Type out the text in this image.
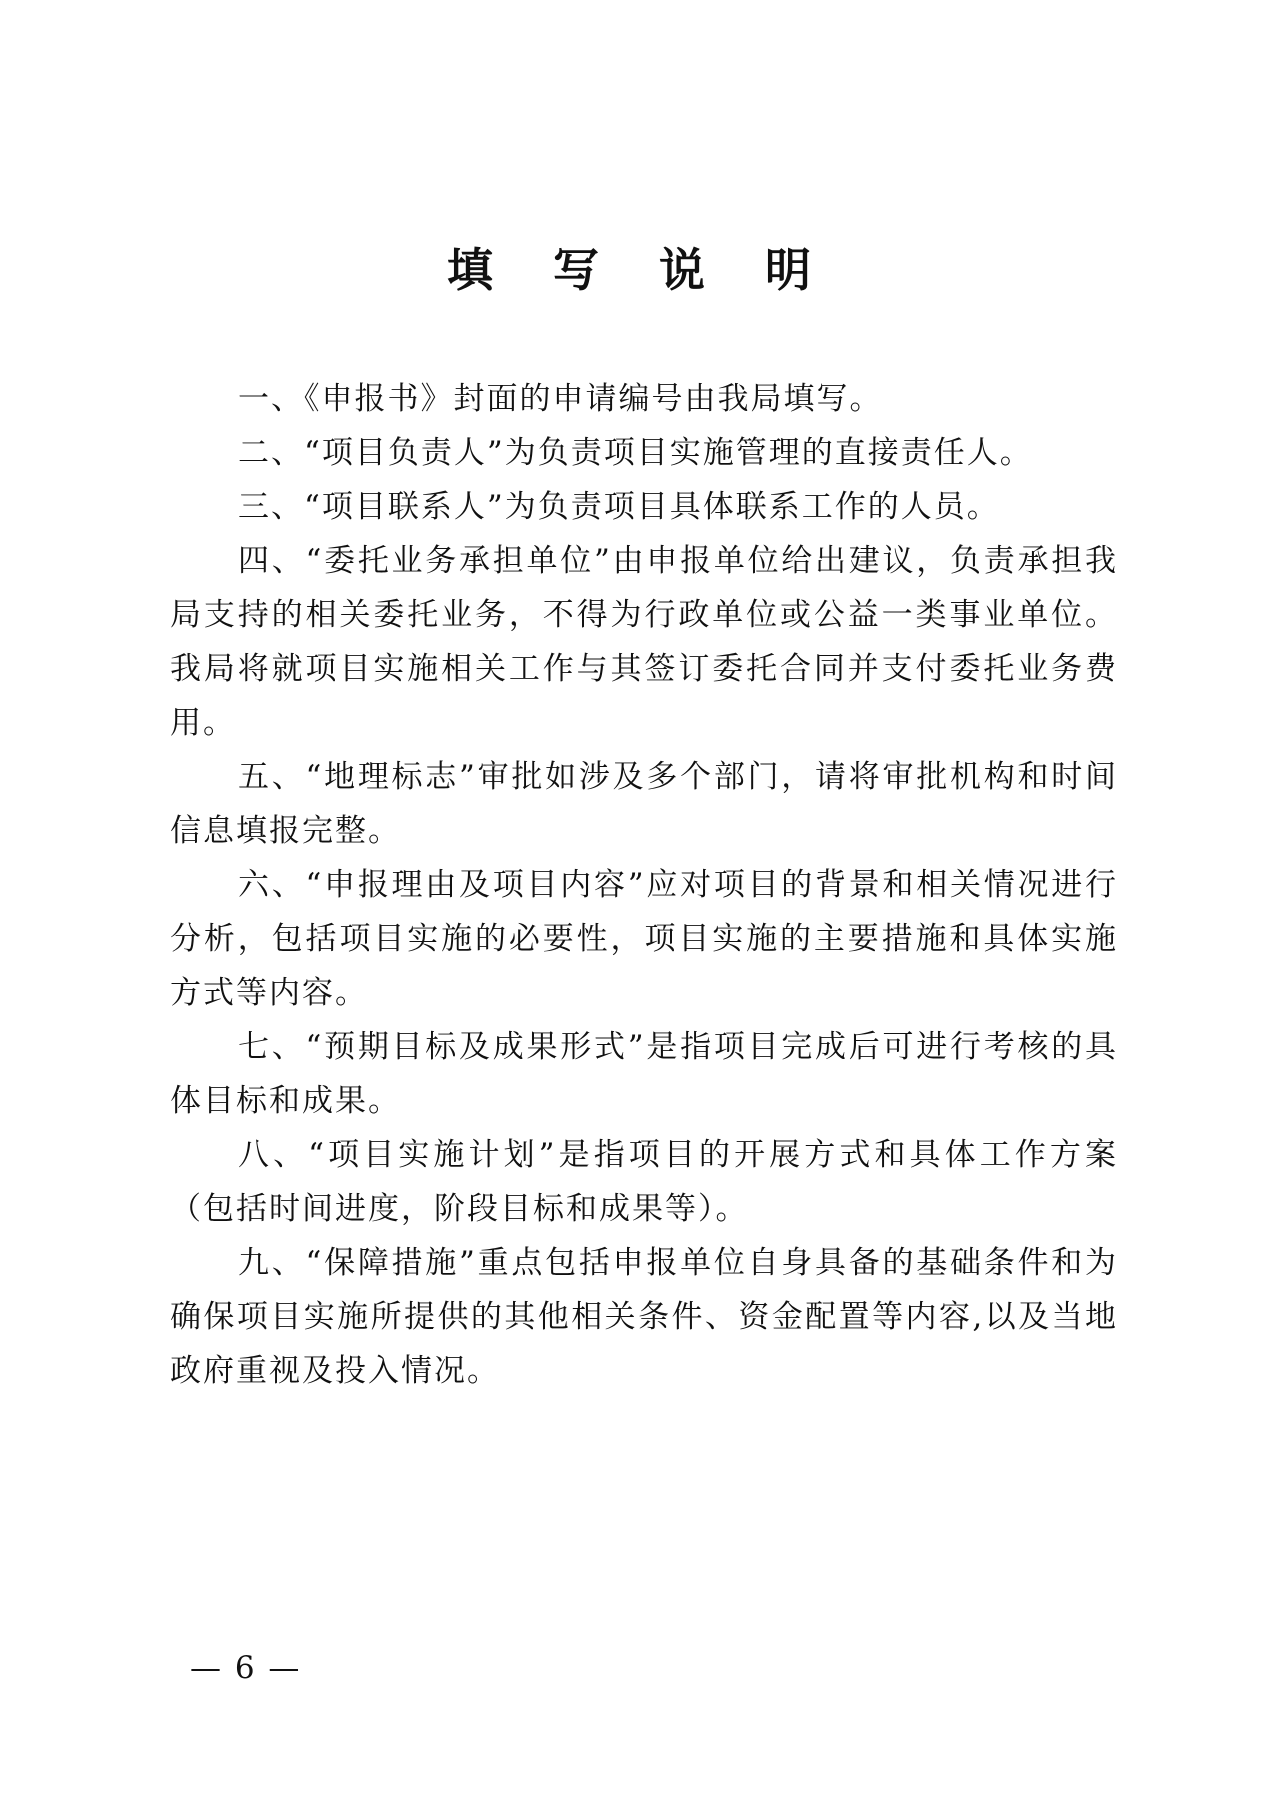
填 写 说 明

一、《申报书》封面的申请编号由我局填写。

二、“项目负责人”为负责项目实施管理的直接责任人。

三、“项目联系人”为负责项目具体联系工作的人员。

四、“委托业务承担单位”由申报单位给出建议，负责承担我局支持的相关委托业务，不得为行政单位或公益一类事业单位。我局将就项目实施相关工作与其签订委托合同并支付委托业务费用。

五、“地理标志”审批如涉及多个部门，请将审批机构和时间信息填报完整。

六、“申报理由及项目内容”应对项目的背景和相关情况进行分析，包括项目实施的必要性，项目实施的主要措施和具体实施方式等内容。

七、“预期目标及成果形式”是指项目完成后可进行考核的具体目标和成果。

八、“项目实施计划”是指项目的开展方式和具体工作方案（包括时间进度，阶段目标和成果等）。

九、“保障措施”重点包括申报单位自身具备的基础条件和为确保项目实施所提供的其他相关条件、资金配置等内容,以及当地政府重视及投入情况。

— 6 —
